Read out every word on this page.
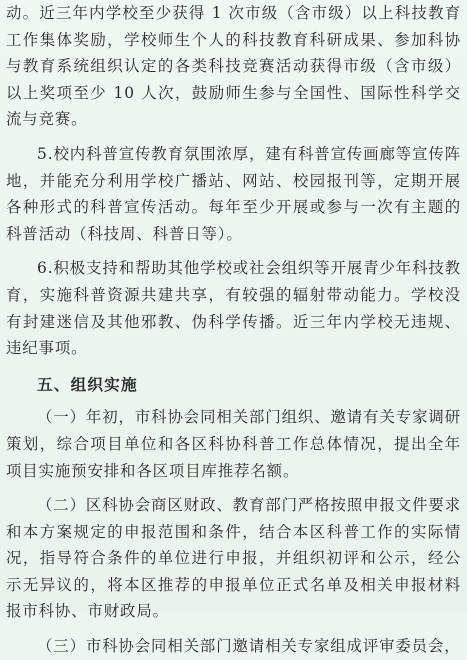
动。近三年内学校至少获得 1 次市级（含市级）以上科技教育工作集体奖励，学校师生个人的科技教育科研成果、参加科协与教育系统组织认定的各类科技竞赛活动获得市级（含市级）以上奖项至少 10 人次，鼓励师生参与全国性、国际性科学交流与竞赛。

5.校内科普宣传教育氛围浓厚，建有科普宣传画廊等宣传阵地，并能充分利用学校广播站、网站、校园报刊等，定期开展各种形式的科普宣传活动。每年至少开展或参与一次有主题的科普活动（科技周、科普日等）。

6.积极支持和帮助其他学校或社会组织等开展青少年科技教育，实施科普资源共建共享，有较强的辐射带动能力。学校没有封建迷信及其他邪教、伪科学传播。近三年内学校无违规、违纪事项。

五、组织实施

（一）年初，市科协会同相关部门组织、邀请有关专家调研策划，综合项目单位和各区科协科普工作总体情况，提出全年项目实施预安排和各区项目库推荐名额。

（二）区科协会商区财政、教育部门严格按照申报文件要求和本方案规定的申报范围和条件，结合本区科普工作的实际情况，指导符合条件的单位进行申报，并组织初评和公示，经公示无异议的，将本区推荐的申报单位正式名单及相关申报材料报市科协、市财政局。

（三）市科协会同相关部门邀请相关专家组成评审委员会，
